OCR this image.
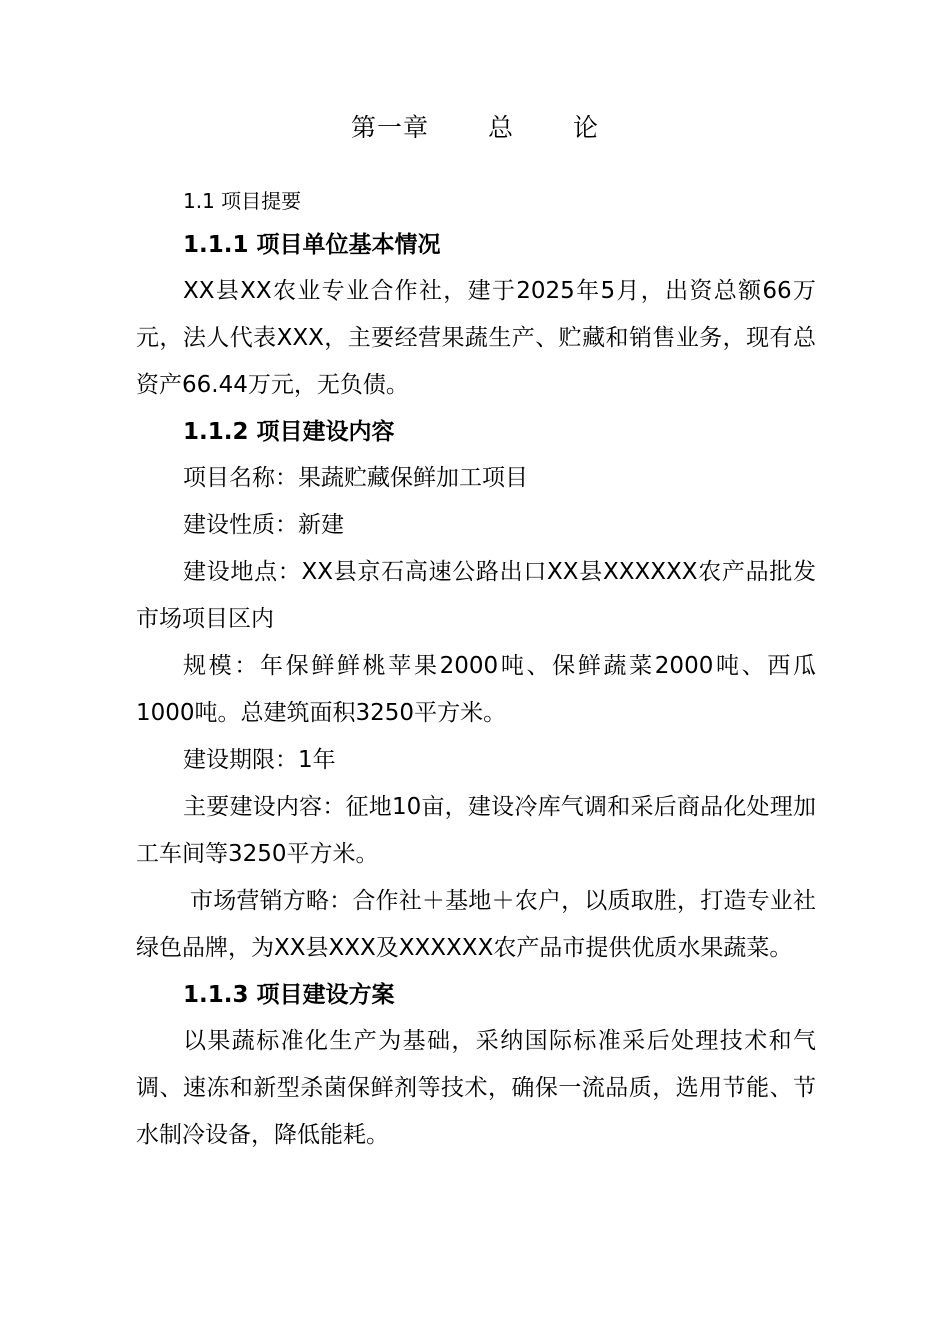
第一章　 总　 论

1.1 项目提要

1.1.1 项目单位基本情况

XX县XX农业专业合作社，建于2025年5月，出资总额66万元，法人代表XXX，主要经营果蔬生产、贮藏和销售业务，现有总资产66.44万元，无负债。

1.1.2 项目建设内容

项目名称：果蔬贮藏保鲜加工项目

建设性质：新建

建设地点：XX县京石高速公路出口XX县XXXXXX农产品批发市场项目区内

规模：年保鲜鲜桃苹果2000吨、保鲜蔬菜2000吨、西瓜1000吨。总建筑面积3250平方米。

建设期限：1年

主要建设内容：征地10亩，建设冷库气调和采后商品化处理加工车间等3250平方米。

市场营销方略：合作社＋基地＋农户，以质取胜，打造专业社绿色品牌，为XX县XXX及XXXXXX农产品市提供优质水果蔬菜。

1.1.3 项目建设方案

以果蔬标准化生产为基础，采纳国际标准采后处理技术和气调、速冻和新型杀菌保鲜剂等技术，确保一流品质，选用节能、节水制冷设备，降低能耗。
